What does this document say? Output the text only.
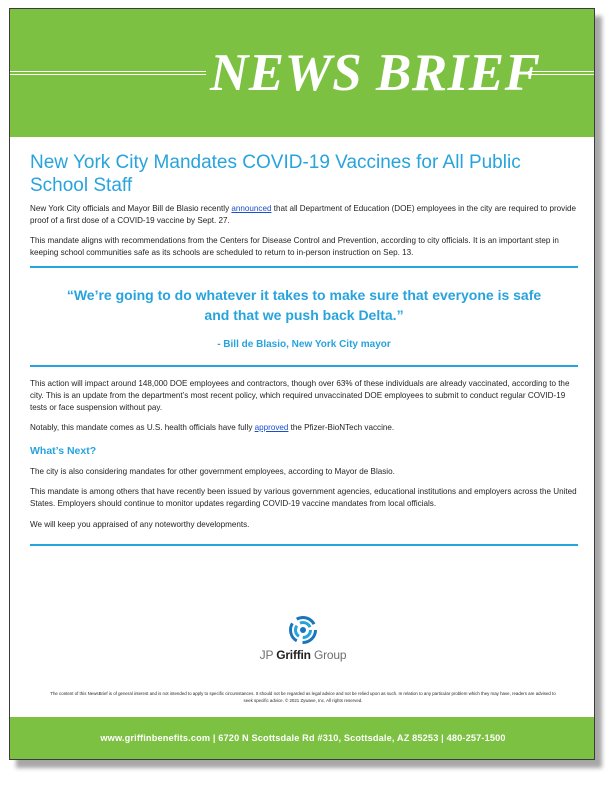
NEWS BRIEF
New York City Mandates COVID-19 Vaccines for All Public School Staff

New York City officials and Mayor Bill de Blasio recently announced that all Department of Education (DOE) employees in the city are required to provide proof of a first dose of a COVID-19 vaccine by Sept. 27.

This mandate aligns with recommendations from the Centers for Disease Control and Prevention, according to city officials. It is an important step in keeping school communities safe as its schools are scheduled to return to in-person instruction on Sep. 13.

“We’re going to do whatever it takes to make sure that everyone is safe and that we push back Delta.”
- Bill de Blasio, New York City mayor

This action will impact around 148,000 DOE employees and contractors, though over 63% of these individuals are already vaccinated, according to the city. This is an update from the department’s most recent policy, which required unvaccinated DOE employees to submit to conduct regular COVID-19 tests or face suspension without pay.

Notably, this mandate comes as U.S. health officials have fully approved the Pfizer-BioNTech vaccine.

What’s Next?

The city is also considering mandates for other government employees, according to Mayor de Blasio.

This mandate is among others that have recently been issued by various government agencies, educational institutions and employers across the United States. Employers should continue to monitor updates regarding COVID-19 vaccine mandates from local officials.

We will keep you appraised of any noteworthy developments.

JP Griffin Group
The content of this NewsBrief is of general interest and is not intended to apply to specific circumstances. It should not be regarded as legal advice and not be relied upon as such. In relation to any particular problem which they may have, readers are advised to seek specific advice. © 2021 Zywave, Inc. All rights reserved.
www.griffinbenefits.com | 6720 N Scottsdale Rd #310, Scottsdale, AZ 85253 | 480-257-1500
